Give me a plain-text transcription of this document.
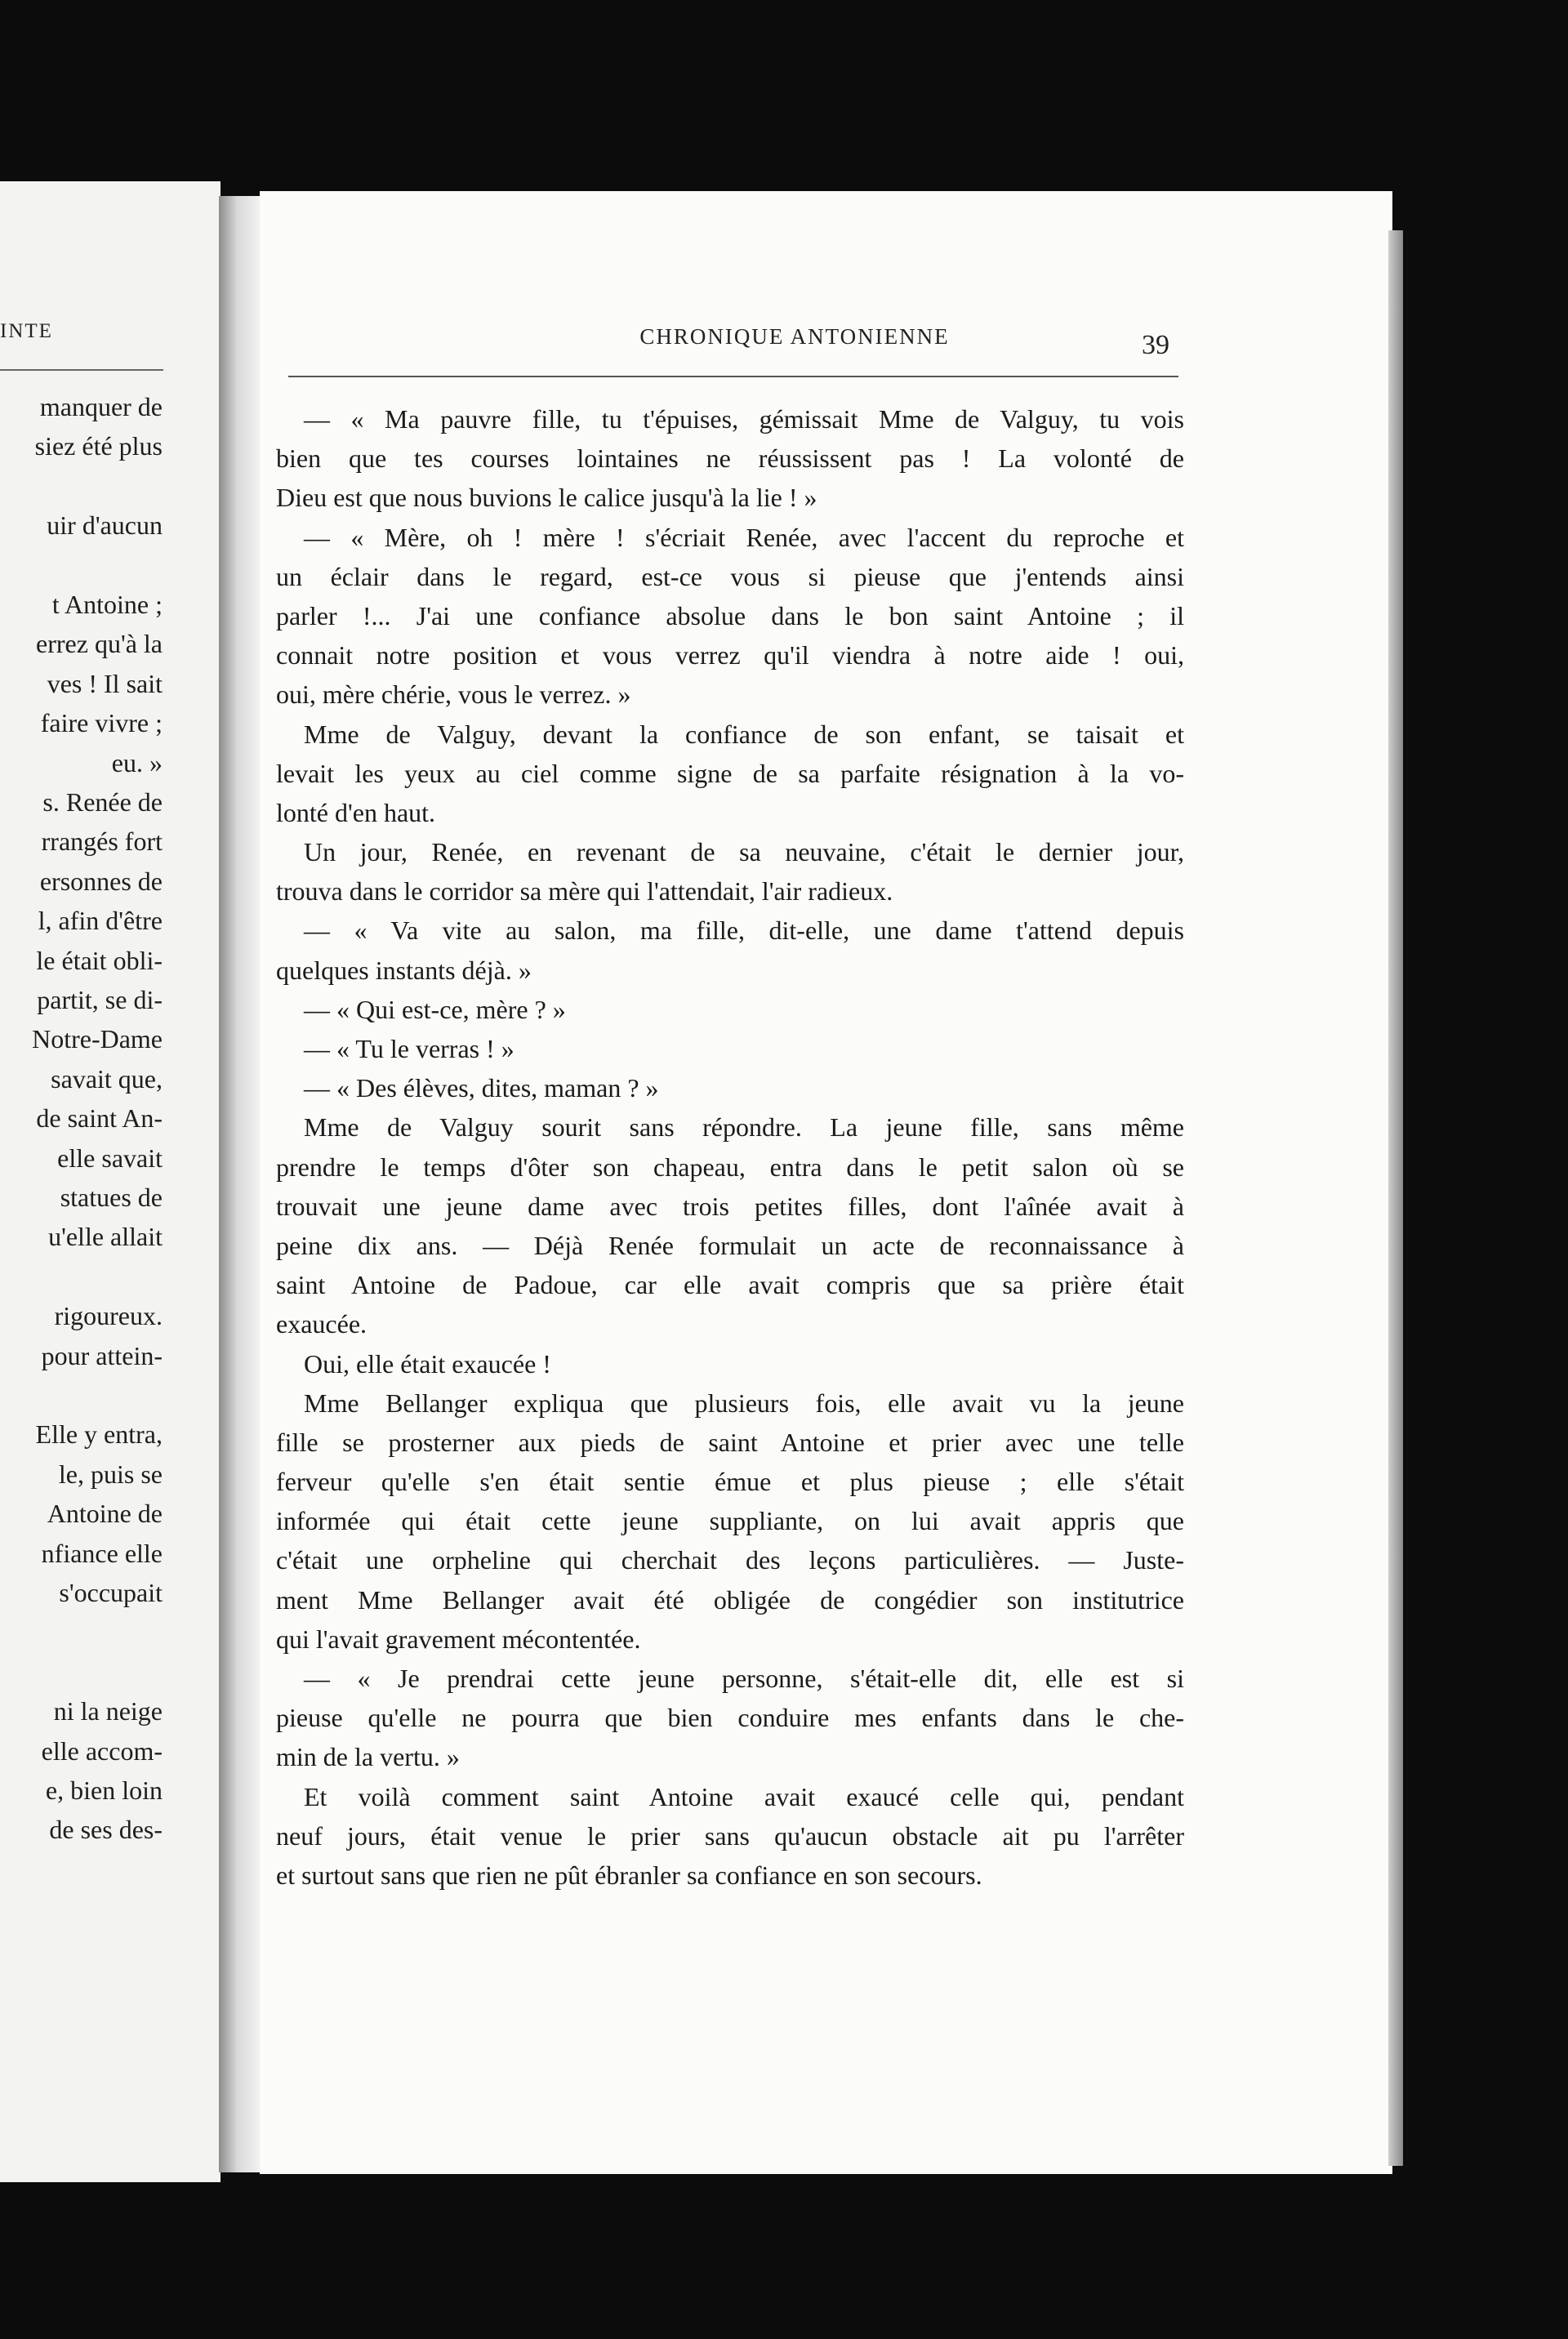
INTE
manquer de
siez été plus
uir d'aucun
t Antoine ;
errez qu'à la
ves ! Il sait
faire vivre ;
eu. »
s. Renée de
rrangés fort
ersonnes de
l, afin d'être
le était obli-
partit, se di-
Notre-Dame
savait que,
de saint An-
elle savait
statues de
u'elle allait
rigoureux.
pour attein-
Elle y entra,
le, puis se
Antoine de
nfiance elle
s'occupait
ni la neige
elle accom-
e, bien loin
de ses des-
CHRONIQUE ANTONIENNE	39
— « Ma pauvre fille, tu t'épuises, gémissait Mme de Valguy, tu vois
bien que tes courses lointaines ne réussissent pas ! La volonté de
Dieu est que nous buvions le calice jusqu'à la lie ! »
— « Mère, oh ! mère ! s'écriait Renée, avec l'accent du reproche et
un éclair dans le regard, est-ce vous si pieuse que j'entends ainsi
parler !... J'ai une confiance absolue dans le bon saint Antoine ; il
connait notre position et vous verrez qu'il viendra à notre aide ! oui,
oui, mère chérie, vous le verrez. »
Mme de Valguy, devant la confiance de son enfant, se taisait et
levait les yeux au ciel comme signe de sa parfaite résignation à la vo-
lonté d'en haut.
Un jour, Renée, en revenant de sa neuvaine, c'était le dernier jour,
trouva dans le corridor sa mère qui l'attendait, l'air radieux.
— « Va vite au salon, ma fille, dit-elle, une dame t'attend depuis
quelques instants déjà. »
— « Qui est-ce, mère ? »
— « Tu le verras ! »
— « Des élèves, dites, maman ? »
Mme de Valguy sourit sans répondre. La jeune fille, sans même
prendre le temps d'ôter son chapeau, entra dans le petit salon où se
trouvait une jeune dame avec trois petites filles, dont l'aînée avait à
peine dix ans. — Déjà Renée formulait un acte de reconnaissance à
saint Antoine de Padoue, car elle avait compris que sa prière était
exaucée.
Oui, elle était exaucée !
Mme Bellanger expliqua que plusieurs fois, elle avait vu la jeune
fille se prosterner aux pieds de saint Antoine et prier avec une telle
ferveur qu'elle s'en était sentie émue et plus pieuse ; elle s'était
informée qui était cette jeune suppliante, on lui avait appris que
c'était une orpheline qui cherchait des leçons particulières. — Juste-
ment Mme Bellanger avait été obligée de congédier son institutrice
qui l'avait gravement mécontentée.
— « Je prendrai cette jeune personne, s'était-elle dit, elle est si
pieuse qu'elle ne pourra que bien conduire mes enfants dans le che-
min de la vertu. »
Et voilà comment saint Antoine avait exaucé celle qui, pendant
neuf jours, était venue le prier sans qu'aucun obstacle ait pu l'arrêter
et surtout sans que rien ne pût ébranler sa confiance en son secours.
